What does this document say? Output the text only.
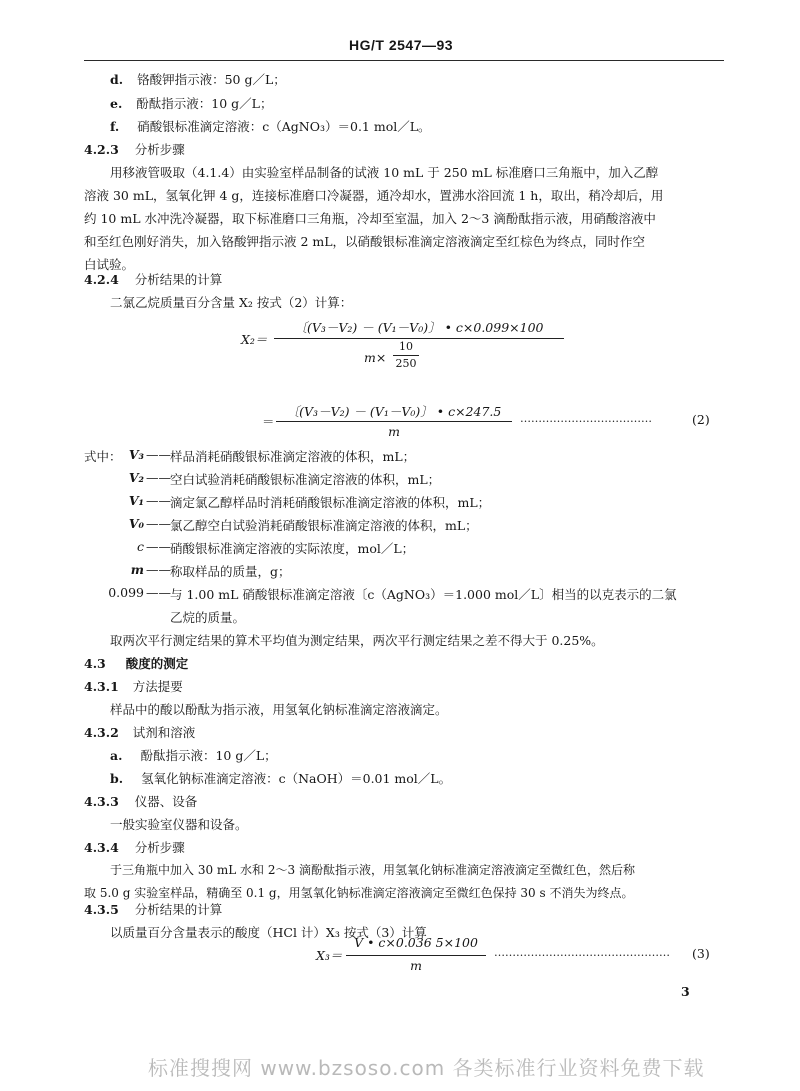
HG/T 2547—93
d. 铬酸钾指示液：50 g／L；
e. 酚酞指示液：10 g／L；
f. 硝酸银标准滴定溶液：c（AgNO₃）＝0.1 mol／L。
4.2.3 分析步骤
用移液管吸取（4.1.4）由实验室样品制备的试液 10 mL 于 250 mL 标准磨口三角瓶中，加入乙醇
溶液 30 mL，氢氧化钾 4 g，连接标准磨口冷凝器，通冷却水，置沸水浴回流 1 h，取出，稍冷却后，用
约 10 mL 水冲洗冷凝器，取下标准磨口三角瓶，冷却至室温，加入 2～3 滴酚酞指示液，用硝酸溶液中
和至红色刚好消失，加入铬酸钾指示液 2 mL，以硝酸银标准滴定溶液滴定至红棕色为终点，同时作空
白试验。
4.2.4 分析结果的计算
二氯乙烷质量百分含量 X₂ 按式（2）计算：
X₂＝
〔(V₃－V₂) － (V₁－V₀)〕 • c×0.099×100
m×
10
250
＝
〔(V₃－V₂) － (V₁－V₀)〕 • c×247.5
m
………………………………	(2)
式中： V₃ —— 样品消耗硝酸银标准滴定溶液的体积，mL；
V₂ —— 空白试验消耗硝酸银标准滴定溶液的体积，mL；
V₁ —— 滴定氯乙醇样品时消耗硝酸银标准滴定溶液的体积，mL；
V₀ —— 氯乙醇空白试验消耗硝酸银标准滴定溶液的体积，mL；
c —— 硝酸银标准滴定溶液的实际浓度，mol／L；
m —— 称取样品的质量，g；
0.099 —— 与 1.00 mL 硝酸银标准滴定溶液〔c（AgNO₃）＝1.000 mol／L〕相当的以克表示的二氯
乙烷的质量。
取两次平行测定结果的算术平均值为测定结果，两次平行测定结果之差不得大于 0.25%。
4.3 酸度的测定
4.3.1 方法提要
样品中的酸以酚酞为指示液，用氢氧化钠标准滴定溶液滴定。
4.3.2 试剂和溶液
a. 酚酞指示液：10 g／L；
b. 氢氧化钠标准滴定溶液：c（NaOH）＝0.01 mol／L。
4.3.3 仪器、设备
一般实验室仪器和设备。
4.3.4 分析步骤
于三角瓶中加入 30 mL 水和 2～3 滴酚酞指示液，用氢氧化钠标准滴定溶液滴定至微红色，然后称
取 5.0 g 实验室样品，精确至 0.1 g，用氢氧化钠标准滴定溶液滴定至微红色保持 30 s 不消失为终点。
4.3.5 分析结果的计算
以质量百分含量表示的酸度（HCl 计）X₃ 按式（3）计算
X₃＝
V • c×0.036 5×100
m
………………………………………… (3)
3
标准搜搜网 www.bzsoso.com 各类标准行业资料免费下载
